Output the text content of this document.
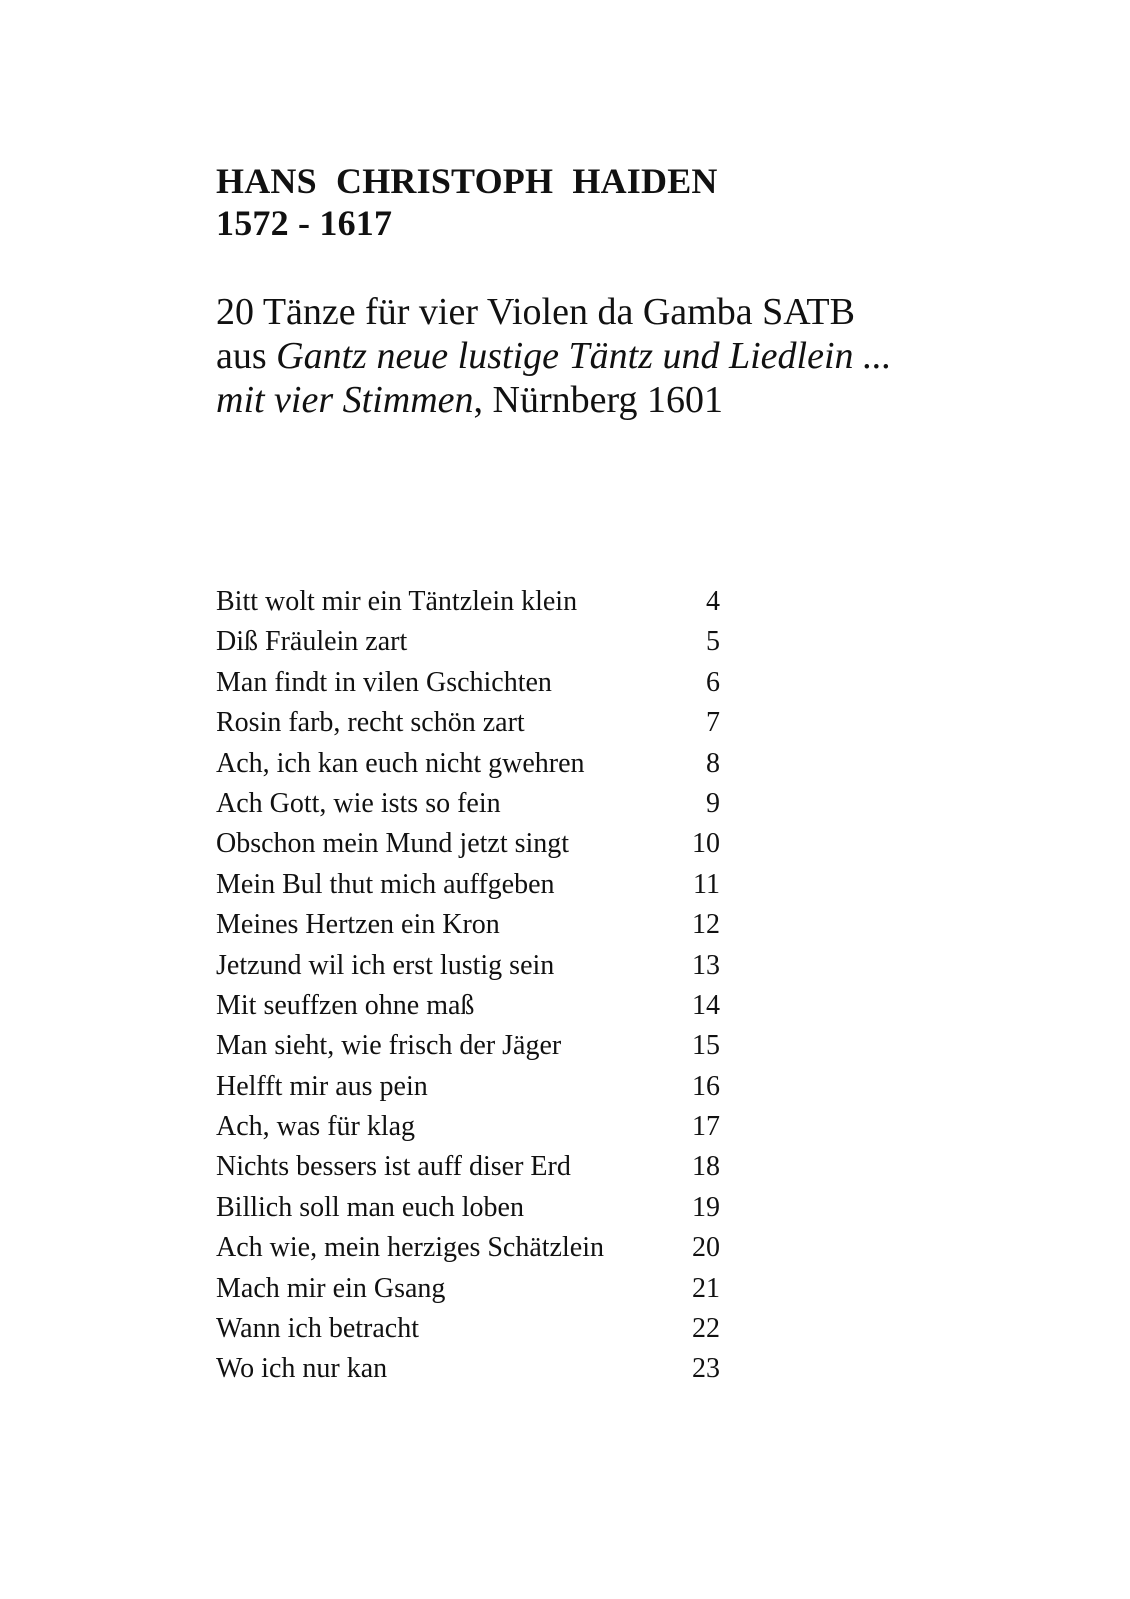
HANS CHRISTOPH HAIDEN
1572 - 1617
20 Tänze für vier Violen da Gamba SATB
aus Gantz neue lustige Täntz und Liedlein ...
mit vier Stimmen, Nürnberg 1601
Bitt wolt mir ein Täntzlein klein	4
Diß Fräulein zart	5
Man findt in vilen Gschichten	6
Rosin farb, recht schön zart	7
Ach, ich kan euch nicht gwehren	8
Ach Gott, wie ists so fein	9
Obschon mein Mund jetzt singt	10
Mein Bul thut mich auffgeben	11
Meines Hertzen ein Kron	12
Jetzund wil ich erst lustig sein	13
Mit seuffzen ohne maß	14
Man sieht, wie frisch der Jäger	15
Helfft mir aus pein	16
Ach, was für klag	17
Nichts bessers ist auff diser Erd	18
Billich soll man euch loben	19
Ach wie, mein herziges Schätzlein	20
Mach mir ein Gsang	21
Wann ich betracht	22
Wo ich nur kan	23
